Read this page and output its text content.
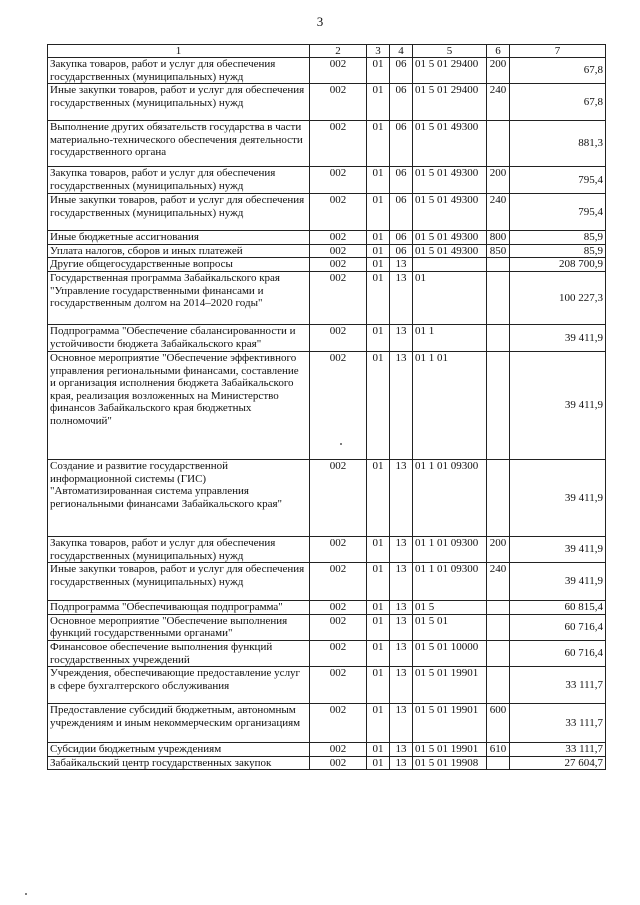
3
1	2	3	4	5	6	7
Закупка товаров, работ и услуг для обеспечения государственных (муниципальных) нужд	002	01	06	01 5 01 29400	200	67,8
Иные закупки товаров, работ и услуг для обеспечения государственных (муниципальных) нужд	002	01	06	01 5 01 29400	240	67,8
Выполнение других обязательств государства в части материально-технического обеспечения деятельности государственного органа	002	01	06	01 5 01 49300		881,3
Закупка товаров, работ и услуг для обеспечения государственных (муниципальных) нужд	002	01	06	01 5 01 49300	200	795,4
Иные закупки товаров, работ и услуг для обеспечения государственных (муниципальных) нужд	002	01	06	01 5 01 49300	240	795,4
Иные бюджетные ассигнования	002	01	06	01 5 01 49300	800	85,9
Уплата налогов, сборов и иных платежей	002	01	06	01 5 01 49300	850	85,9
Другие общегосударственные вопросы	002	01	13			208 700,9
Государственная программа Забайкальского края "Управление государственными финансами и государственным долгом на 2014–2020 годы"	002	01	13	01		100 227,3
Подпрограмма "Обеспечение сбалансированности и устойчивости бюджета Забайкальского края"	002	01	13	01 1		39 411,9
Основное мероприятие "Обеспечение эффективного управления региональными финансами, составление и организация исполнения бюджета Забайкальского края, реализация возложенных на Министерство финансов Забайкальского края бюджетных полномочий"	002	01	13	01 1 01		39 411,9
Создание и развитие государственной информационной системы (ГИС) "Автоматизированная система управления региональными финансами Забайкальского края"	002	01	13	01 1 01 09300		39 411,9
Закупка товаров, работ и услуг для обеспечения государственных (муниципальных) нужд	002	01	13	01 1 01 09300	200	39 411,9
Иные закупки товаров, работ и услуг для обеспечения государственных (муниципальных) нужд	002	01	13	01 1 01 09300	240	39 411,9
Подпрограмма "Обеспечивающая подпрограмма"	002	01	13	01 5		60 815,4
Основное мероприятие "Обеспечение выполнения функций государственными органами"	002	01	13	01 5 01		60 716,4
Финансовое обеспечение выполнения функций государственных учреждений	002	01	13	01 5 01 10000		60 716,4
Учреждения, обеспечивающие предоставление услуг в сфере бухгалтерского обслуживания	002	01	13	01 5 01 19901		33 111,7
Предоставление субсидий бюджетным, автономным учреждениям и иным некоммерческим организациям	002	01	13	01 5 01 19901	600	33 111,7
Субсидии бюджетным учреждениям	002	01	13	01 5 01 19901	610	33 111,7
Забайкальский центр государственных закупок	002	01	13	01 5 01 19908		27 604,7
